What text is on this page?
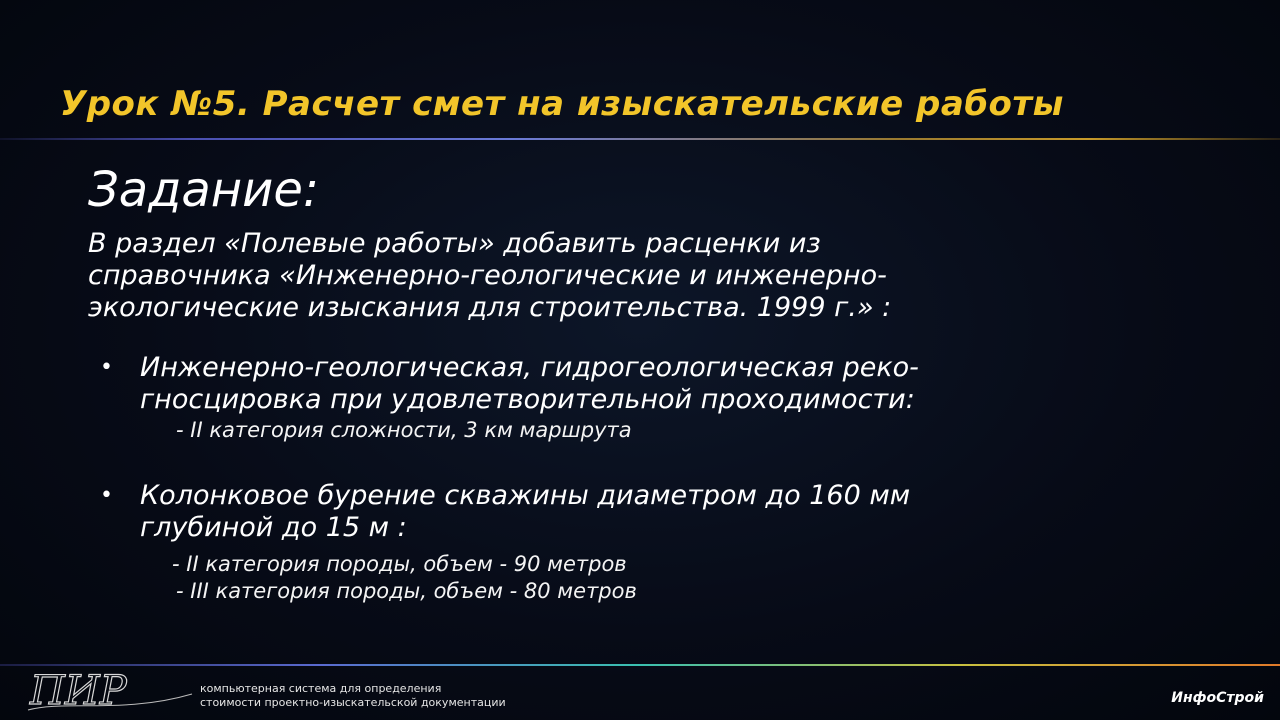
Урок №5. Расчет смет на изыскательские работы
Задание:
В раздел «Полевые работы» добавить расценки из
справочника «Инженерно-геологические и инженерно-
экологические изыскания для строительства. 1999 г.» :
• Инженерно-геологическая, гидрогеологическая реко-
гносцировка при удовлетворительной проходимости:
- II категория сложности, 3 км маршрута
• Колонковое бурение скважины диаметром до 160 мм
глубиной до 15 м :
- II категория породы, объем - 90 метров
- III категория породы, объем - 80 метров
ПИР	компьютерная система для определения
стоимости проектно-изыскательской документации	ИнфоСтрой
